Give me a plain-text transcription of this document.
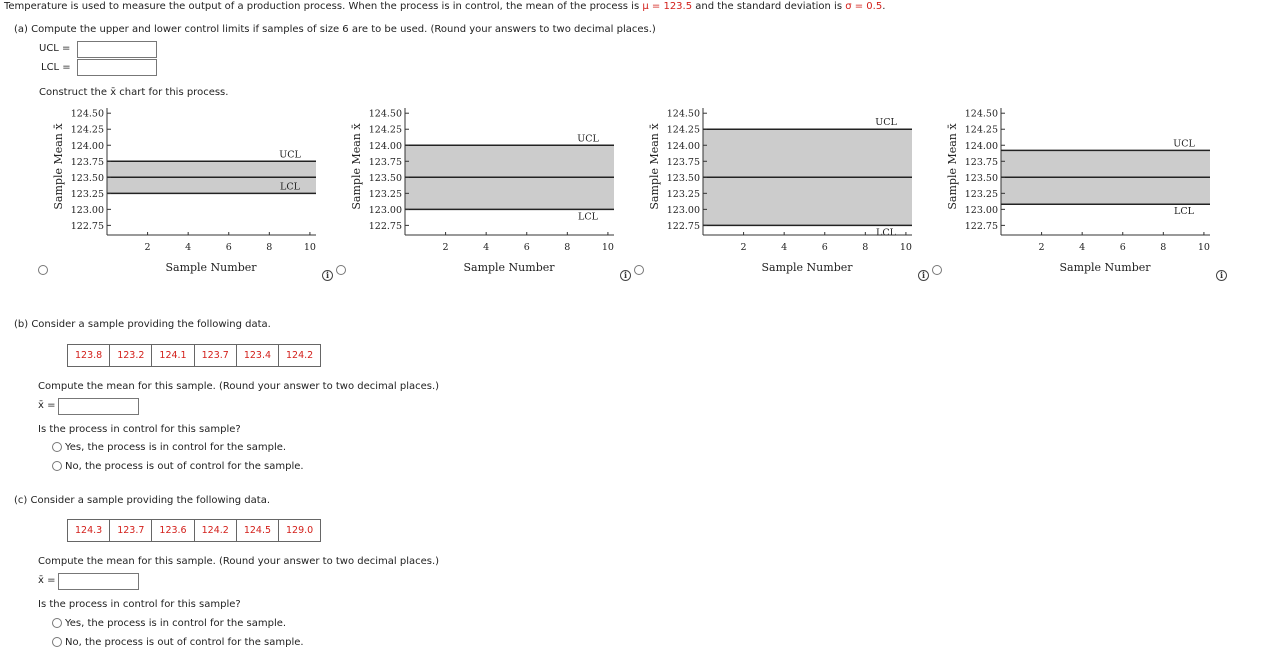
Temperature is used to measure the output of a production process. When the process is in control, the mean of the process is μ = 123.5 and the standard deviation is σ = 0.5.
(a) Compute the upper and lower control limits if samples of size 6 are to be used. (Round your answers to two decimal places.)
UCL =
LCL =
Construct the x̄ chart for this process.
(b) Consider a sample providing the following data.
123.8	123.2	124.1	123.7	123.4	124.2
Compute the mean for this sample. (Round your answer to two decimal places.)
x̄ =
Is the process in control for this sample?
Yes, the process is in control for the sample.
No, the process is out of control for the sample.
(c) Consider a sample providing the following data.
124.3	123.7	123.6	124.2	124.5	129.0
Compute the mean for this sample. (Round your answer to two decimal places.)
x̄ =
Is the process in control for this sample?
Yes, the process is in control for the sample.
No, the process is out of control for the sample.
UCL
LCL
124.50
124.25
124.00
123.75
123.50
123.25
123.00
122.75
2	4	6	8	10
Sample Number
Sample Mean x̄
i
UCL
LCL
124.50
124.25
124.00
123.75
123.50
123.25
123.00
122.75
2	4	6	8	10
Sample Number
Sample Mean x̄
i
UCL
LCL
124.50
124.25
124.00
123.75
123.50
123.25
123.00
122.75
2	4	6	8	10
Sample Number
Sample Mean x̄
i
UCL
LCL
124.50
124.25
124.00
123.75
123.50
123.25
123.00
122.75
2	4	6	8	10
Sample Number
Sample Mean x̄
i
